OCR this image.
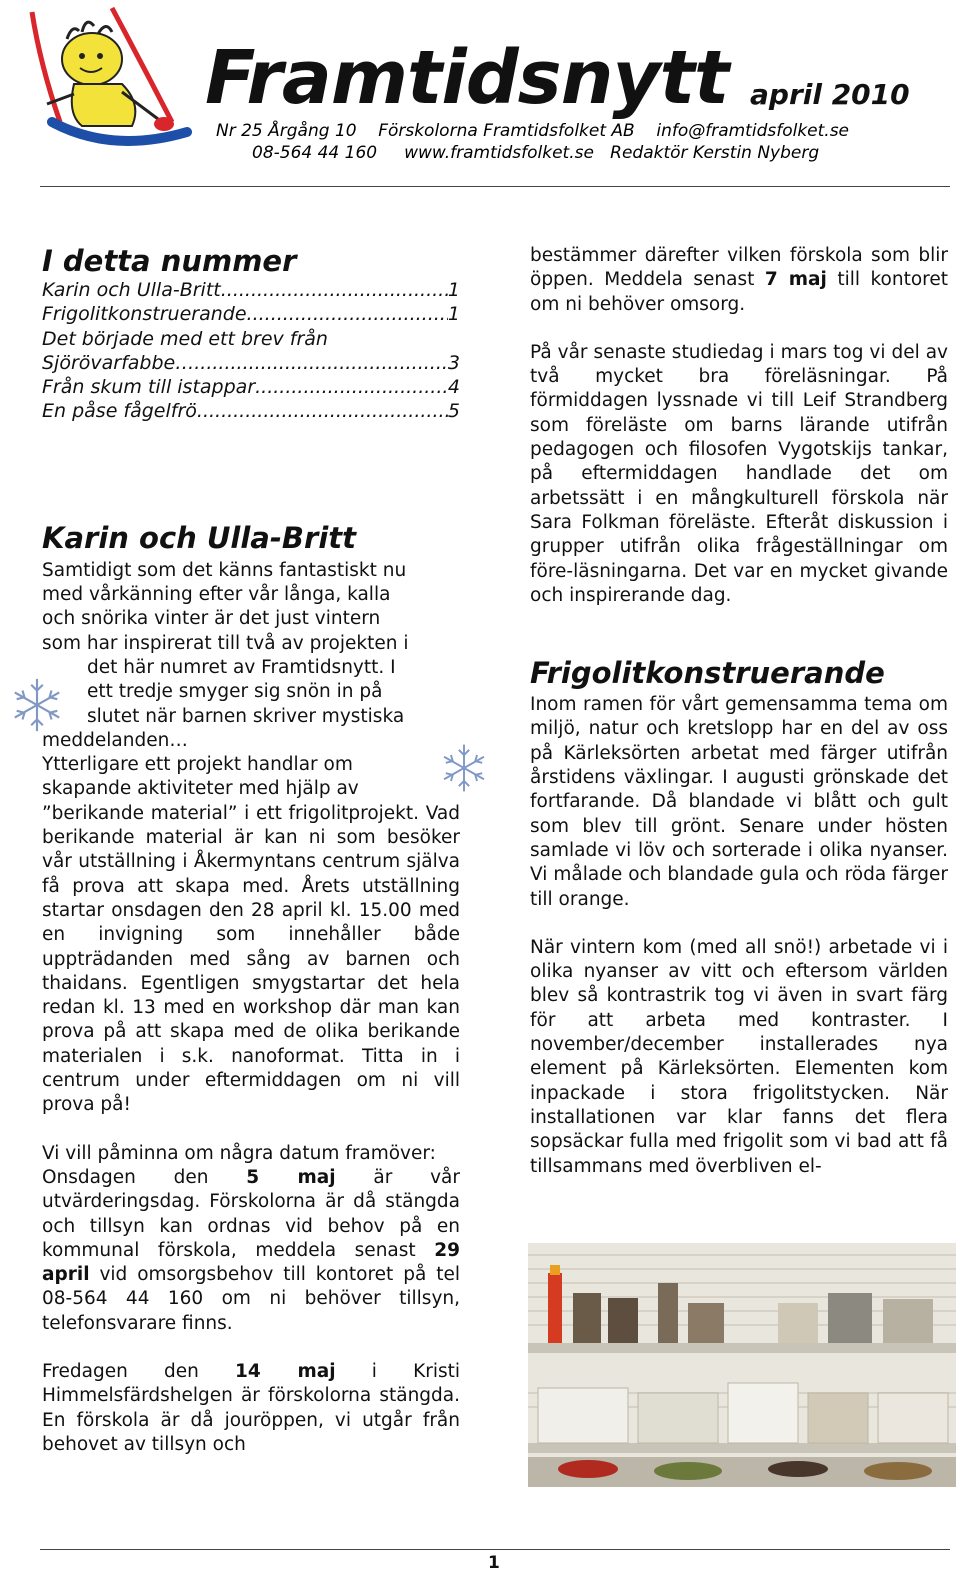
Framtidsnytt april 2010
Nr 25 Årgång 10    Förskolorna Framtidsfolket AB    info@framtidsfolket.se
08-564 44 160     www.framtidsfolket.se   Redaktör Kerstin Nyberg
I detta nummer
Karin och Ulla-Britt .....	1
Frigolitkonstruerande .....	1
Det började med ett brev från
Sjörövarfabbe… .....	3
Från skum till istappar .....	4
En påse fågelfrö .....	5
Karin och Ulla-Britt

Samtidigt som det känns fantastiskt nu
med vårkänning efter vår långa, kalla
och snörika vinter är det just vintern
som har inspirerat till två av projekten i

det här numret av Framtidsnytt. I
ett tredje smyger sig snön in på
slutet när barnen skriver mystiska

meddelanden…

Ytterligare ett projekt handlar om
skapande aktiviteter med hjälp av

”berikande material” i ett frigolitprojekt. Vad berikande material är kan ni som besöker vår utställning i Åkermyntans centrum själva få prova att skapa med. Årets utställning startar onsdagen den 28 april kl. 15.00 med en invigning som innehåller både uppträdanden med sång av barnen och thaidans. Egentligen smygstartar det hela redan kl. 13 med en workshop där man kan prova på att skapa med de olika berikande materialen i s.k. nanoformat. Titta in i centrum under eftermiddagen om ni vill prova på!

Vi vill påminna om några datum framöver:

Onsdagen den 5 maj är vår utvärderingsdag. Förskolorna är då stängda och tillsyn kan ordnas vid behov på en kommunal förskola, meddela senast 29 april vid omsorgsbehov till kontoret på tel 08-564 44 160 om ni behöver tillsyn, telefonsvarare finns.

Fredagen den 14 maj i Kristi Himmelsfärdshelgen är förskolorna stängda. En förskola är då jouröppen, vi utgår från behovet av tillsyn och

bestämmer därefter vilken förskola som blir öppen. Meddela senast 7 maj till kontoret om ni behöver omsorg.

På vår senaste studiedag i mars tog vi del av två mycket bra föreläsningar. På förmiddagen lyssnade vi till Leif Strandberg som föreläste om barns lärande utifrån pedagogen och filosofen Vygotskijs tankar, på eftermiddagen handlade det om arbetssätt i en mångkulturell förskola när Sara Folkman föreläste. Efteråt diskussion i grupper utifrån olika frågeställningar om före-läsningarna. Det var en mycket givande och inspirerande dag.

Frigolitkonstruerande

Inom ramen för vårt gemensamma tema om miljö, natur och kretslopp har en del av oss på Kärleksörten arbetat med färger utifrån årstidens växlingar. I augusti grönskade det fortfarande. Då blandade vi blått och gult som blev till grönt. Senare under hösten samlade vi löv och sorterade i olika nyanser. Vi målade och blandade gula och röda färger till orange.

När vintern kom (med all snö!) arbetade vi i olika nyanser av vitt och eftersom världen blev så kontrastrik tog vi även in svart färg för att arbeta med kontraster. I november/december installerades nya element på Kärleksörten. Elementen kom inpackade i stora frigolitstycken. När installationen var klar fanns det flera sopsäckar fulla med frigolit som vi bad att få tillsammans med överbliven el-

1
